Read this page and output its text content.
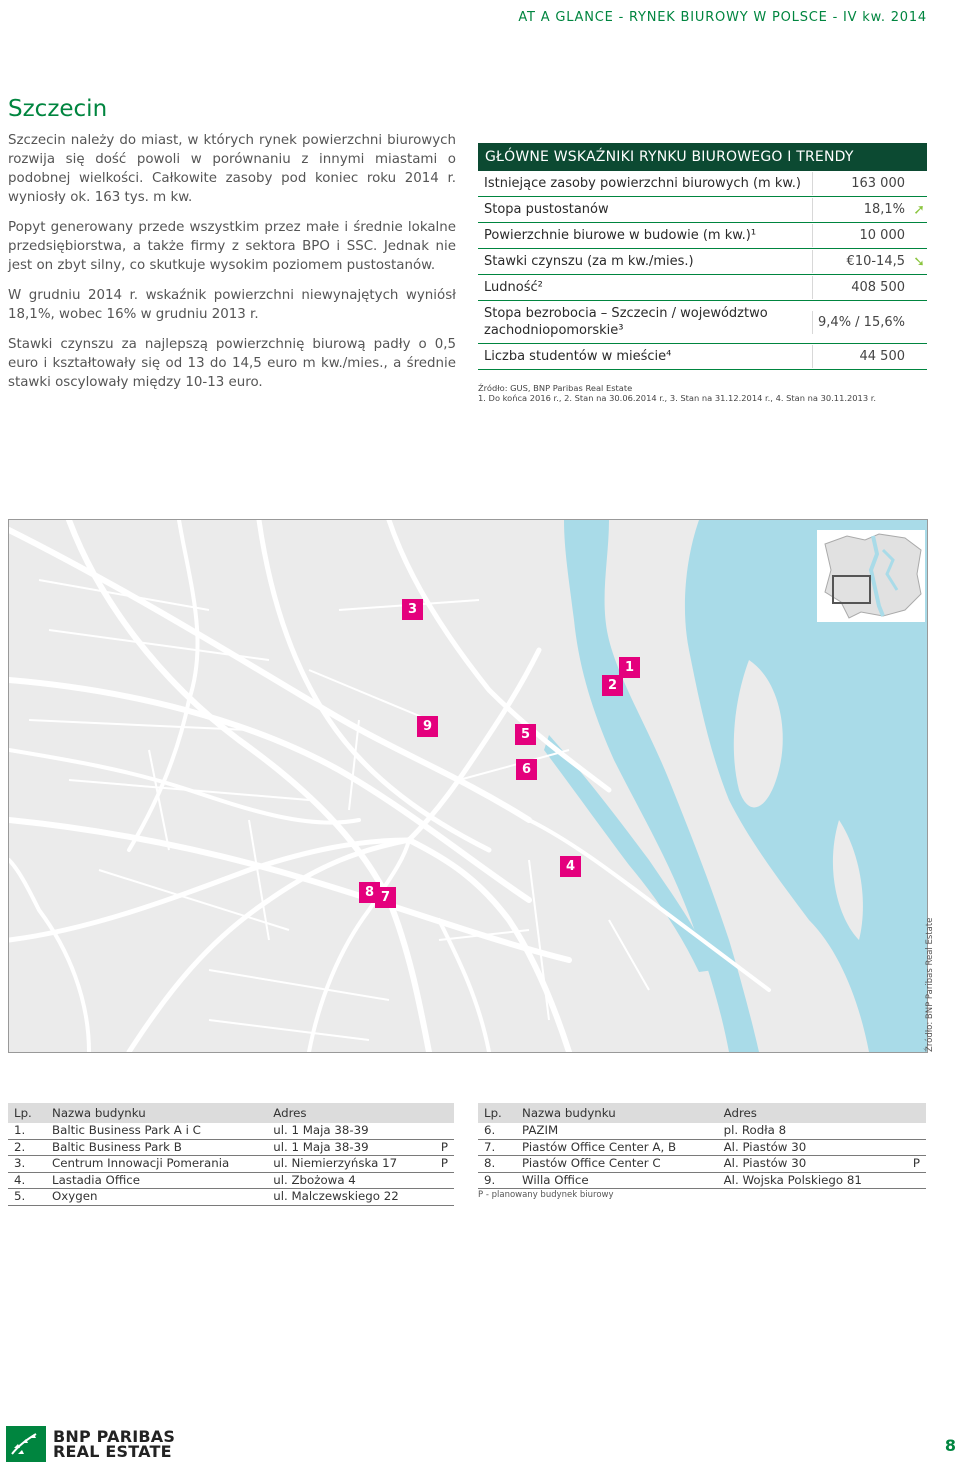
AT A GLANCE - RYNEK BIUROWY W POLSCE - IV kw. 2014
Szczecin

Szczecin należy do miast, w których rynek powierzchni biurowych rozwija się dość powoli w porównaniu z innymi miastami o podobnej wielkości. Całkowite zasoby pod koniec roku 2014 r. wyniosły ok. 163 tys. m kw.

Popyt generowany przede wszystkim przez małe i średnie lokalne przedsiębiorstwa, a także firmy z sektora BPO i SSC. Jednak nie jest on zbyt silny, co skutkuje wysokim poziomem pustostanów.

W grudniu 2014 r. wskaźnik powierzchni niewynajętych wyniósł 18,1%, wobec 16% w grudniu 2013 r.

Stawki czynszu za najlepszą powierzchnię biurową padły o 0,5 euro i kształtowały się od 13 do 14,5 euro m kw./mies., a średnie stawki oscylowały między 10-13 euro.

GŁÓWNE WSKAŹNIKI RYNKU BIUROWEGO I TRENDY
Istniejące zasoby powierzchni biurowych (m kw.)	163 000
Stopa pustostanów	18,1% ➚
Powierzchnie biurowe w budowie (m kw.)¹	10 000
Stawki czynszu (za m kw./mies.)	€10-14,5 ➘
Ludność²	408 500
Stopa bezrobocia – Szczecin / województwo zachodniopomorskie³
9,4% / 15,6%
Liczba studentów w mieście⁴	44 500
Źródło: GUS, BNP Paribas Real Estate
1. Do końca 2016 r., 2. Stan na 30.06.2014 r., 3. Stan na 31.12.2014 r., 4. Stan na 30.11.2013 r.
3
1
2
9
5
6
4
8 7
Źródło: BNP Paribas Real Estate
Lp.	Nazwa budynku	Adres	
1.	Baltic Business Park A i C	ul. 1 Maja 38-39	
2.	Baltic Business Park B	ul. 1 Maja 38-39	P
3.	Centrum Innowacji Pomerania	ul. Niemierzyńska 17	P
4.	Lastadia Office	ul. Zbożowa 4	
5.	Oxygen	ul. Malczewskiego 22	
Lp.	Nazwa budynku	Adres	
6.	PAZIM	pl. Rodła 8	
7.	Piastów Office Center A, B	Al. Piastów 30	
8.	Piastów Office Center C	Al. Piastów 30	P
9.	Willa Office	Al. Wojska Polskiego 81	
P - planowany budynek biurowy
BNP PARIBAS
REAL ESTATE	8
